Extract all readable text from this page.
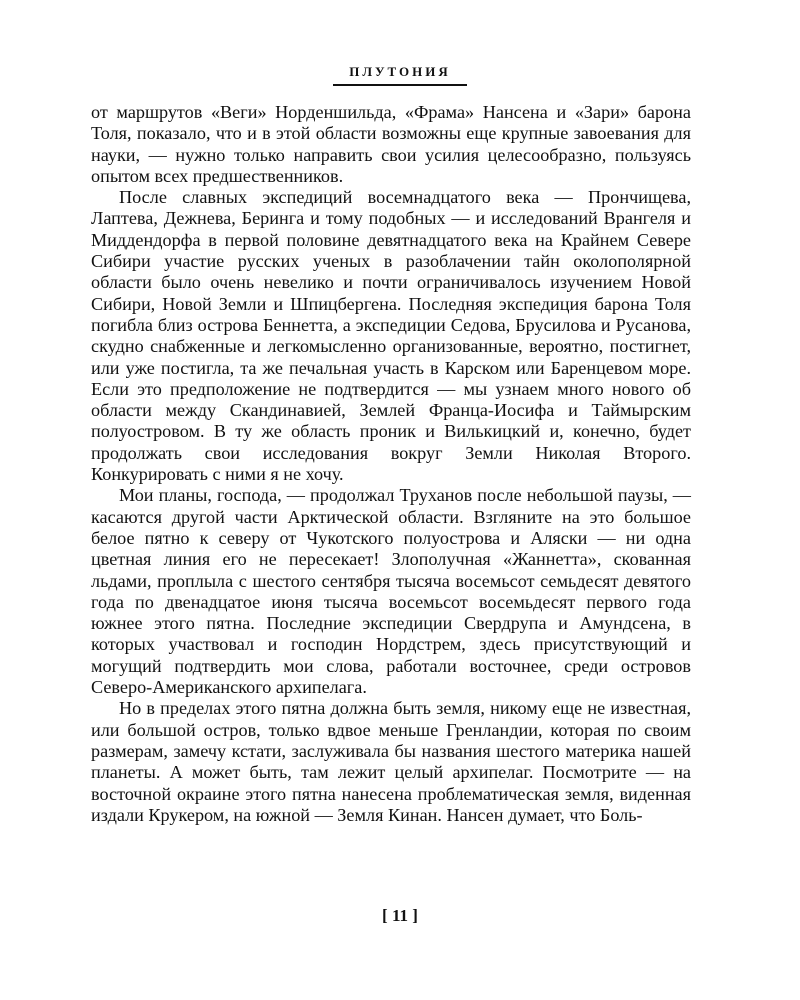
ПЛУТОНИЯ

от маршрутов «Веги» Норденшильда, «Фрама» Нансена и «Зари» барона Толя, показало, что и в этой области возможны еще крупные завоевания для науки, — нужно только направить свои усилия целесообразно, пользуясь опытом всех предшественников.

После славных экспедиций восемнадцатого века — Прончищева, Лаптева, Дежнева, Беринга и тому подобных — и исследований Врангеля и Миддендорфа в первой половине девятнадцатого века на Крайнем Севере Сибири участие русских ученых в разоблачении тайн околополярной области было очень невелико и почти ограничивалось изучением Новой Сибири, Новой Земли и Шпицбергена. Последняя экспедиция барона Толя погибла близ острова Беннетта, а экспедиции Седова, Брусилова и Русанова, скудно снабженные и легкомысленно организованные, вероятно, постигнет, или уже постигла, та же печальная участь в Карском или Баренцевом море. Если это предположение не подтвердится — мы узнаем много нового об области между Скандинавией, Землей Франца-Иосифа и Таймырским полуостровом. В ту же область проник и Вилькицкий и, конечно, будет продолжать свои исследования вокруг Земли Николая Второго. Конкурировать с ними я не хочу.

Мои планы, господа, — продолжал Труханов после небольшой паузы, — касаются другой части Арктической области. Взгляните на это большое белое пятно к северу от Чукотского полуострова и Аляски — ни одна цветная линия его не пересекает! Злополучная «Жаннетта», скованная льдами, проплыла с шестого сентября тысяча восемьсот семьдесят девятого года по двенадцатое июня тысяча восемьсот восемьдесят первого года южнее этого пятна. Последние экспедиции Свердрупа и Амундсена, в которых участвовал и господин Нордстрем, здесь присутствующий и могущий подтвердить мои слова, работали восточнее, среди островов Северо-Американского архипелага.

Но в пределах этого пятна должна быть земля, никому еще не известная, или большой остров, только вдвое меньше Гренландии, которая по своим размерам, замечу кстати, заслуживала бы названия шестого материка нашей планеты. А может быть, там лежит целый архипелаг. Посмотрите — на восточной окраине этого пятна нанесена проблематическая земля, виденная издали Крукером, на южной — Земля Кинан. Нансен думает, что Боль-

[ 11 ]
